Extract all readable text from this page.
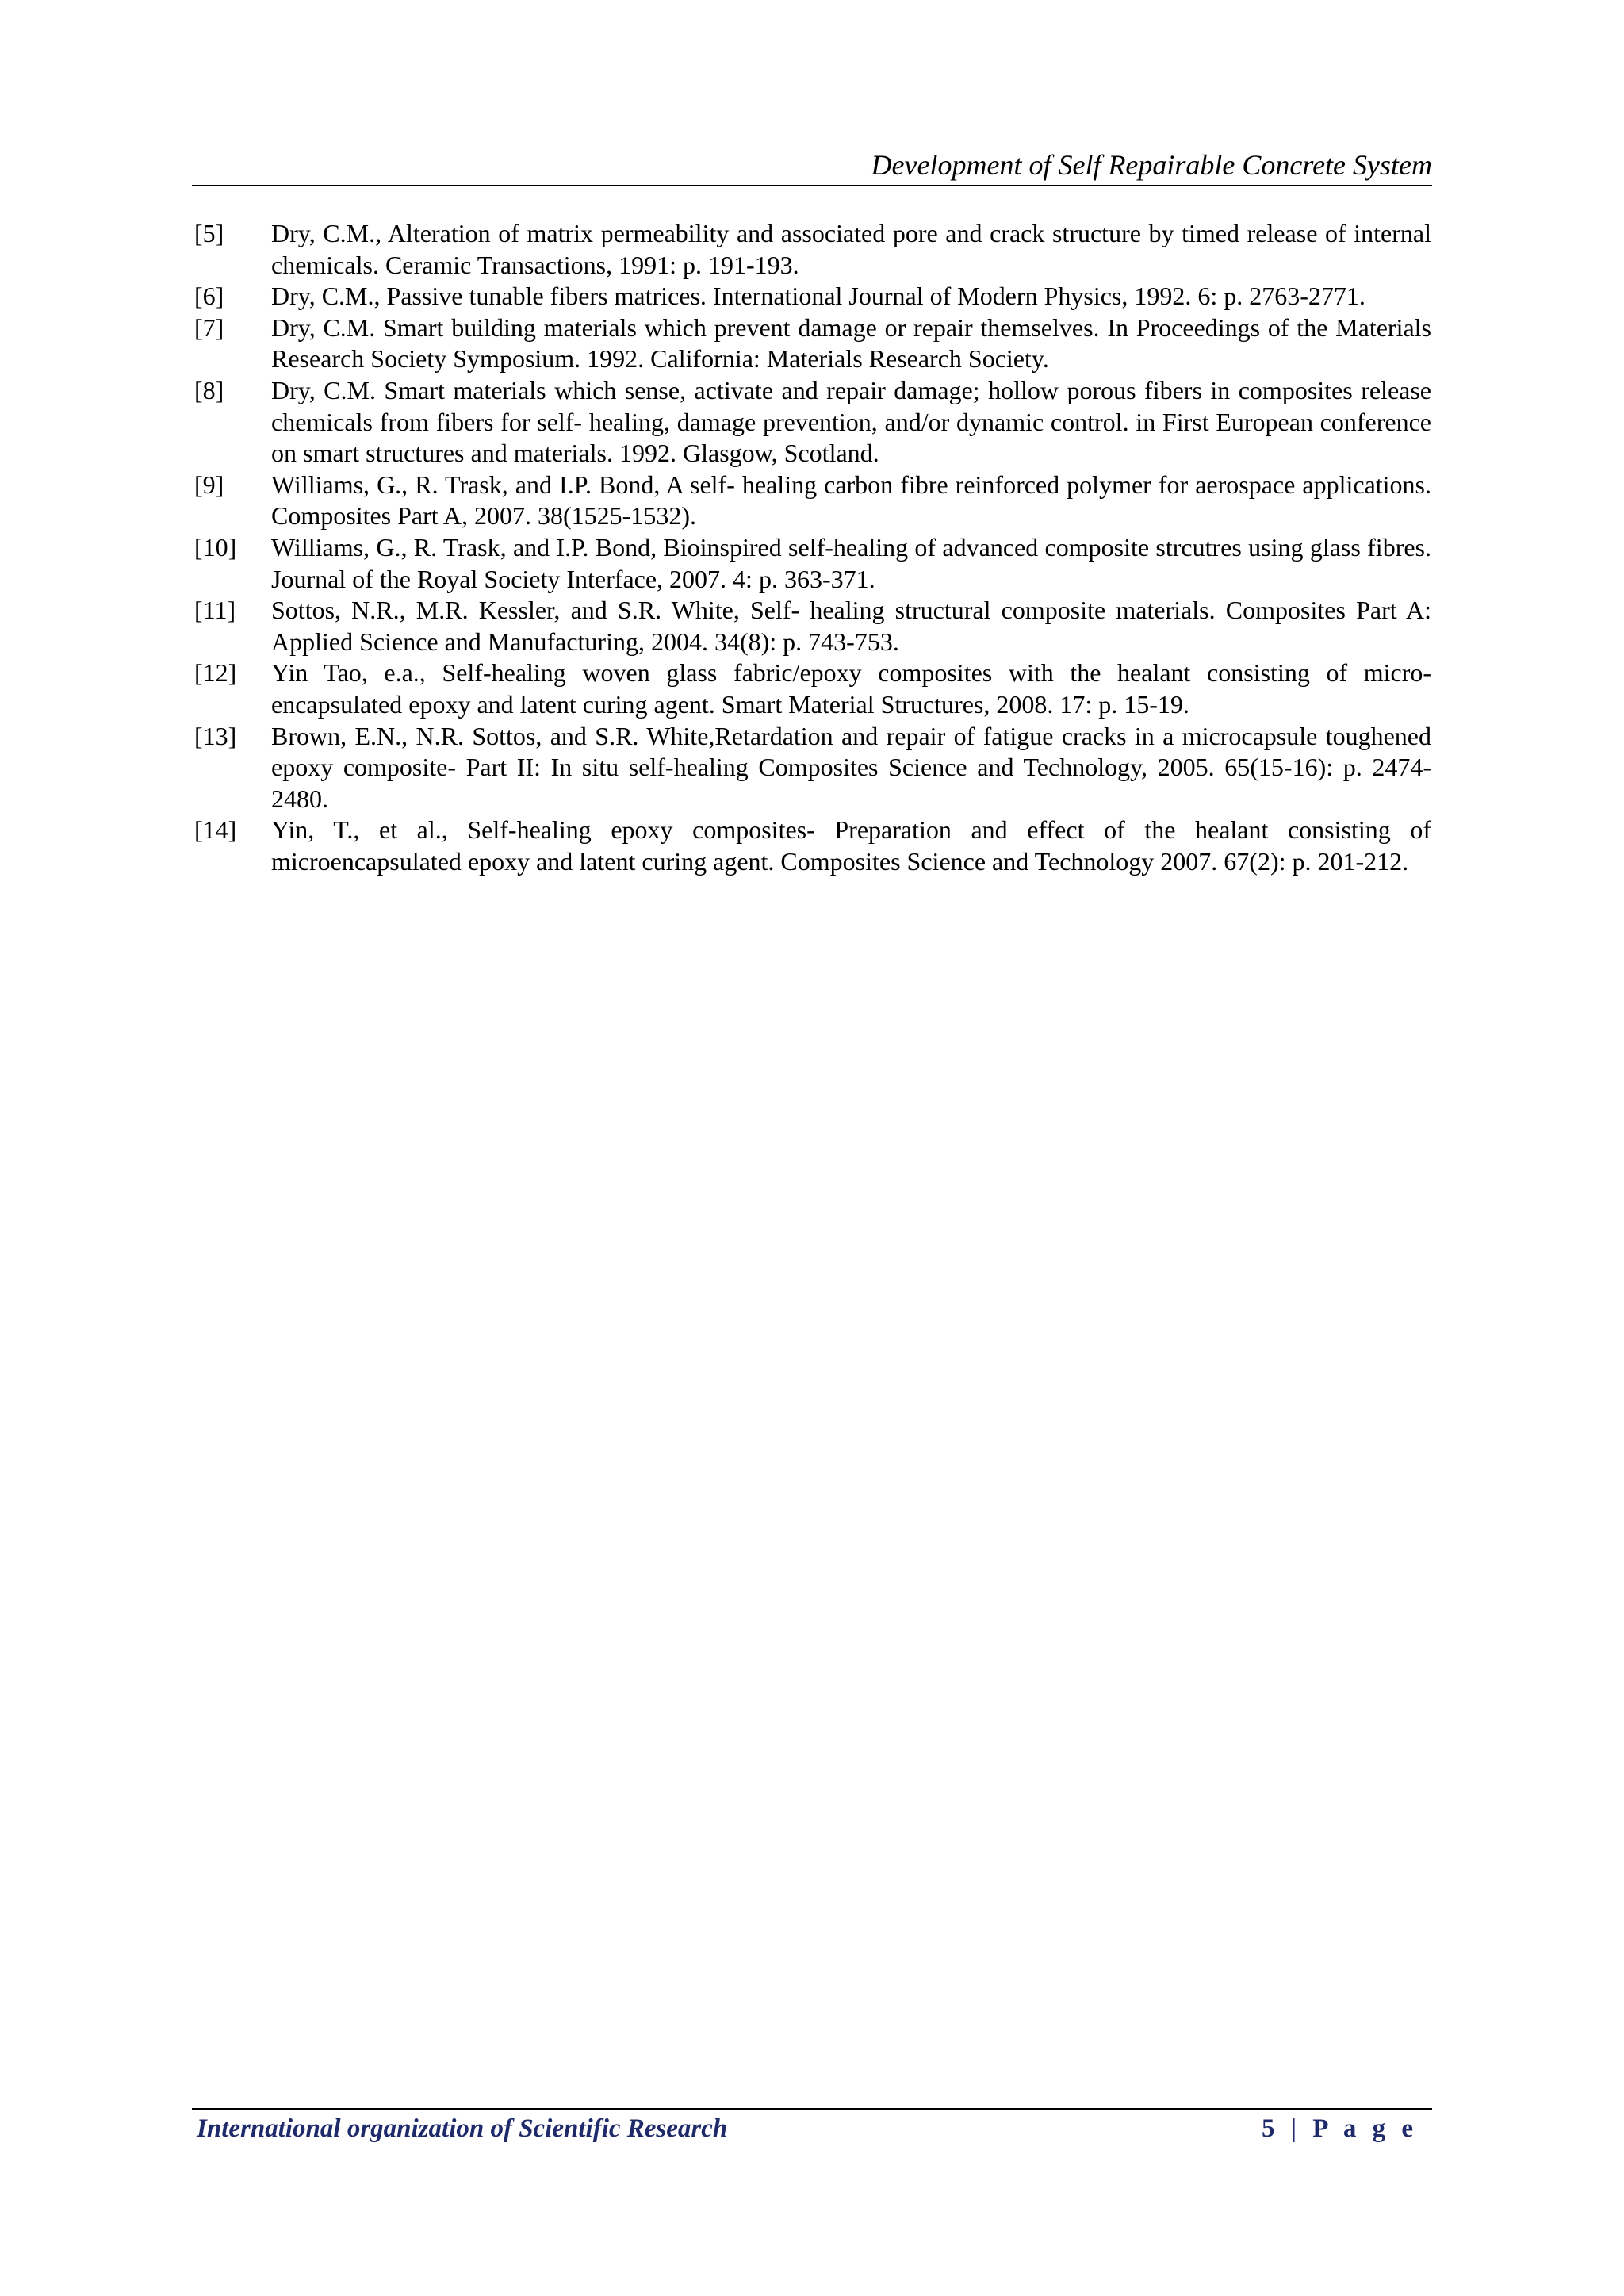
Development of Self Repairable Concrete System
[5]	Dry, C.M., Alteration of matrix permeability and associated pore and crack structure by timed release of internal chemicals. Ceramic Transactions, 1991: p. 191-193.
[6]	Dry, C.M., Passive tunable fibers matrices. International Journal of Modern Physics, 1992. 6: p. 2763-2771.
[7]	Dry, C.M. Smart building materials which prevent damage or repair themselves. In Proceedings of the Materials Research Society Symposium. 1992. California: Materials Research Society.
[8]	Dry, C.M. Smart materials which sense, activate and repair damage; hollow porous fibers in composites release chemicals from fibers for self- healing, damage prevention, and/or dynamic control. in First European conference on smart structures and materials. 1992. Glasgow, Scotland.
[9]	Williams, G., R. Trask, and I.P. Bond, A self- healing carbon fibre reinforced polymer for aerospace applications. Composites Part A, 2007. 38(1525-1532).
[10]	Williams, G., R. Trask, and I.P. Bond, Bioinspired self-healing of advanced composite strcutres using glass fibres. Journal of the Royal Society Interface, 2007. 4: p. 363-371.
[11]	Sottos, N.R., M.R. Kessler, and S.R. White, Self- healing structural composite materials. Composites Part A: Applied Science and Manufacturing, 2004. 34(8): p. 743-753.
[12]	Yin Tao, e.a., Self-healing woven glass fabric/epoxy composites with the healant consisting of micro-encapsulated epoxy and latent curing agent. Smart Material Structures, 2008. 17: p. 15-19.
[13]	Brown, E.N., N.R. Sottos, and S.R. White,Retardation and repair of fatigue cracks in a microcapsule toughened epoxy composite- Part II: In situ self-healing Composites Science and Technology, 2005. 65(15-16): p. 2474-2480.
[14]	Yin, T., et al., Self-healing epoxy composites- Preparation and effect of the healant consisting of microencapsulated epoxy and latent curing agent. Composites Science and Technology 2007. 67(2): p. 201-212.
International organization of Scientific Research	5 | P a g e
